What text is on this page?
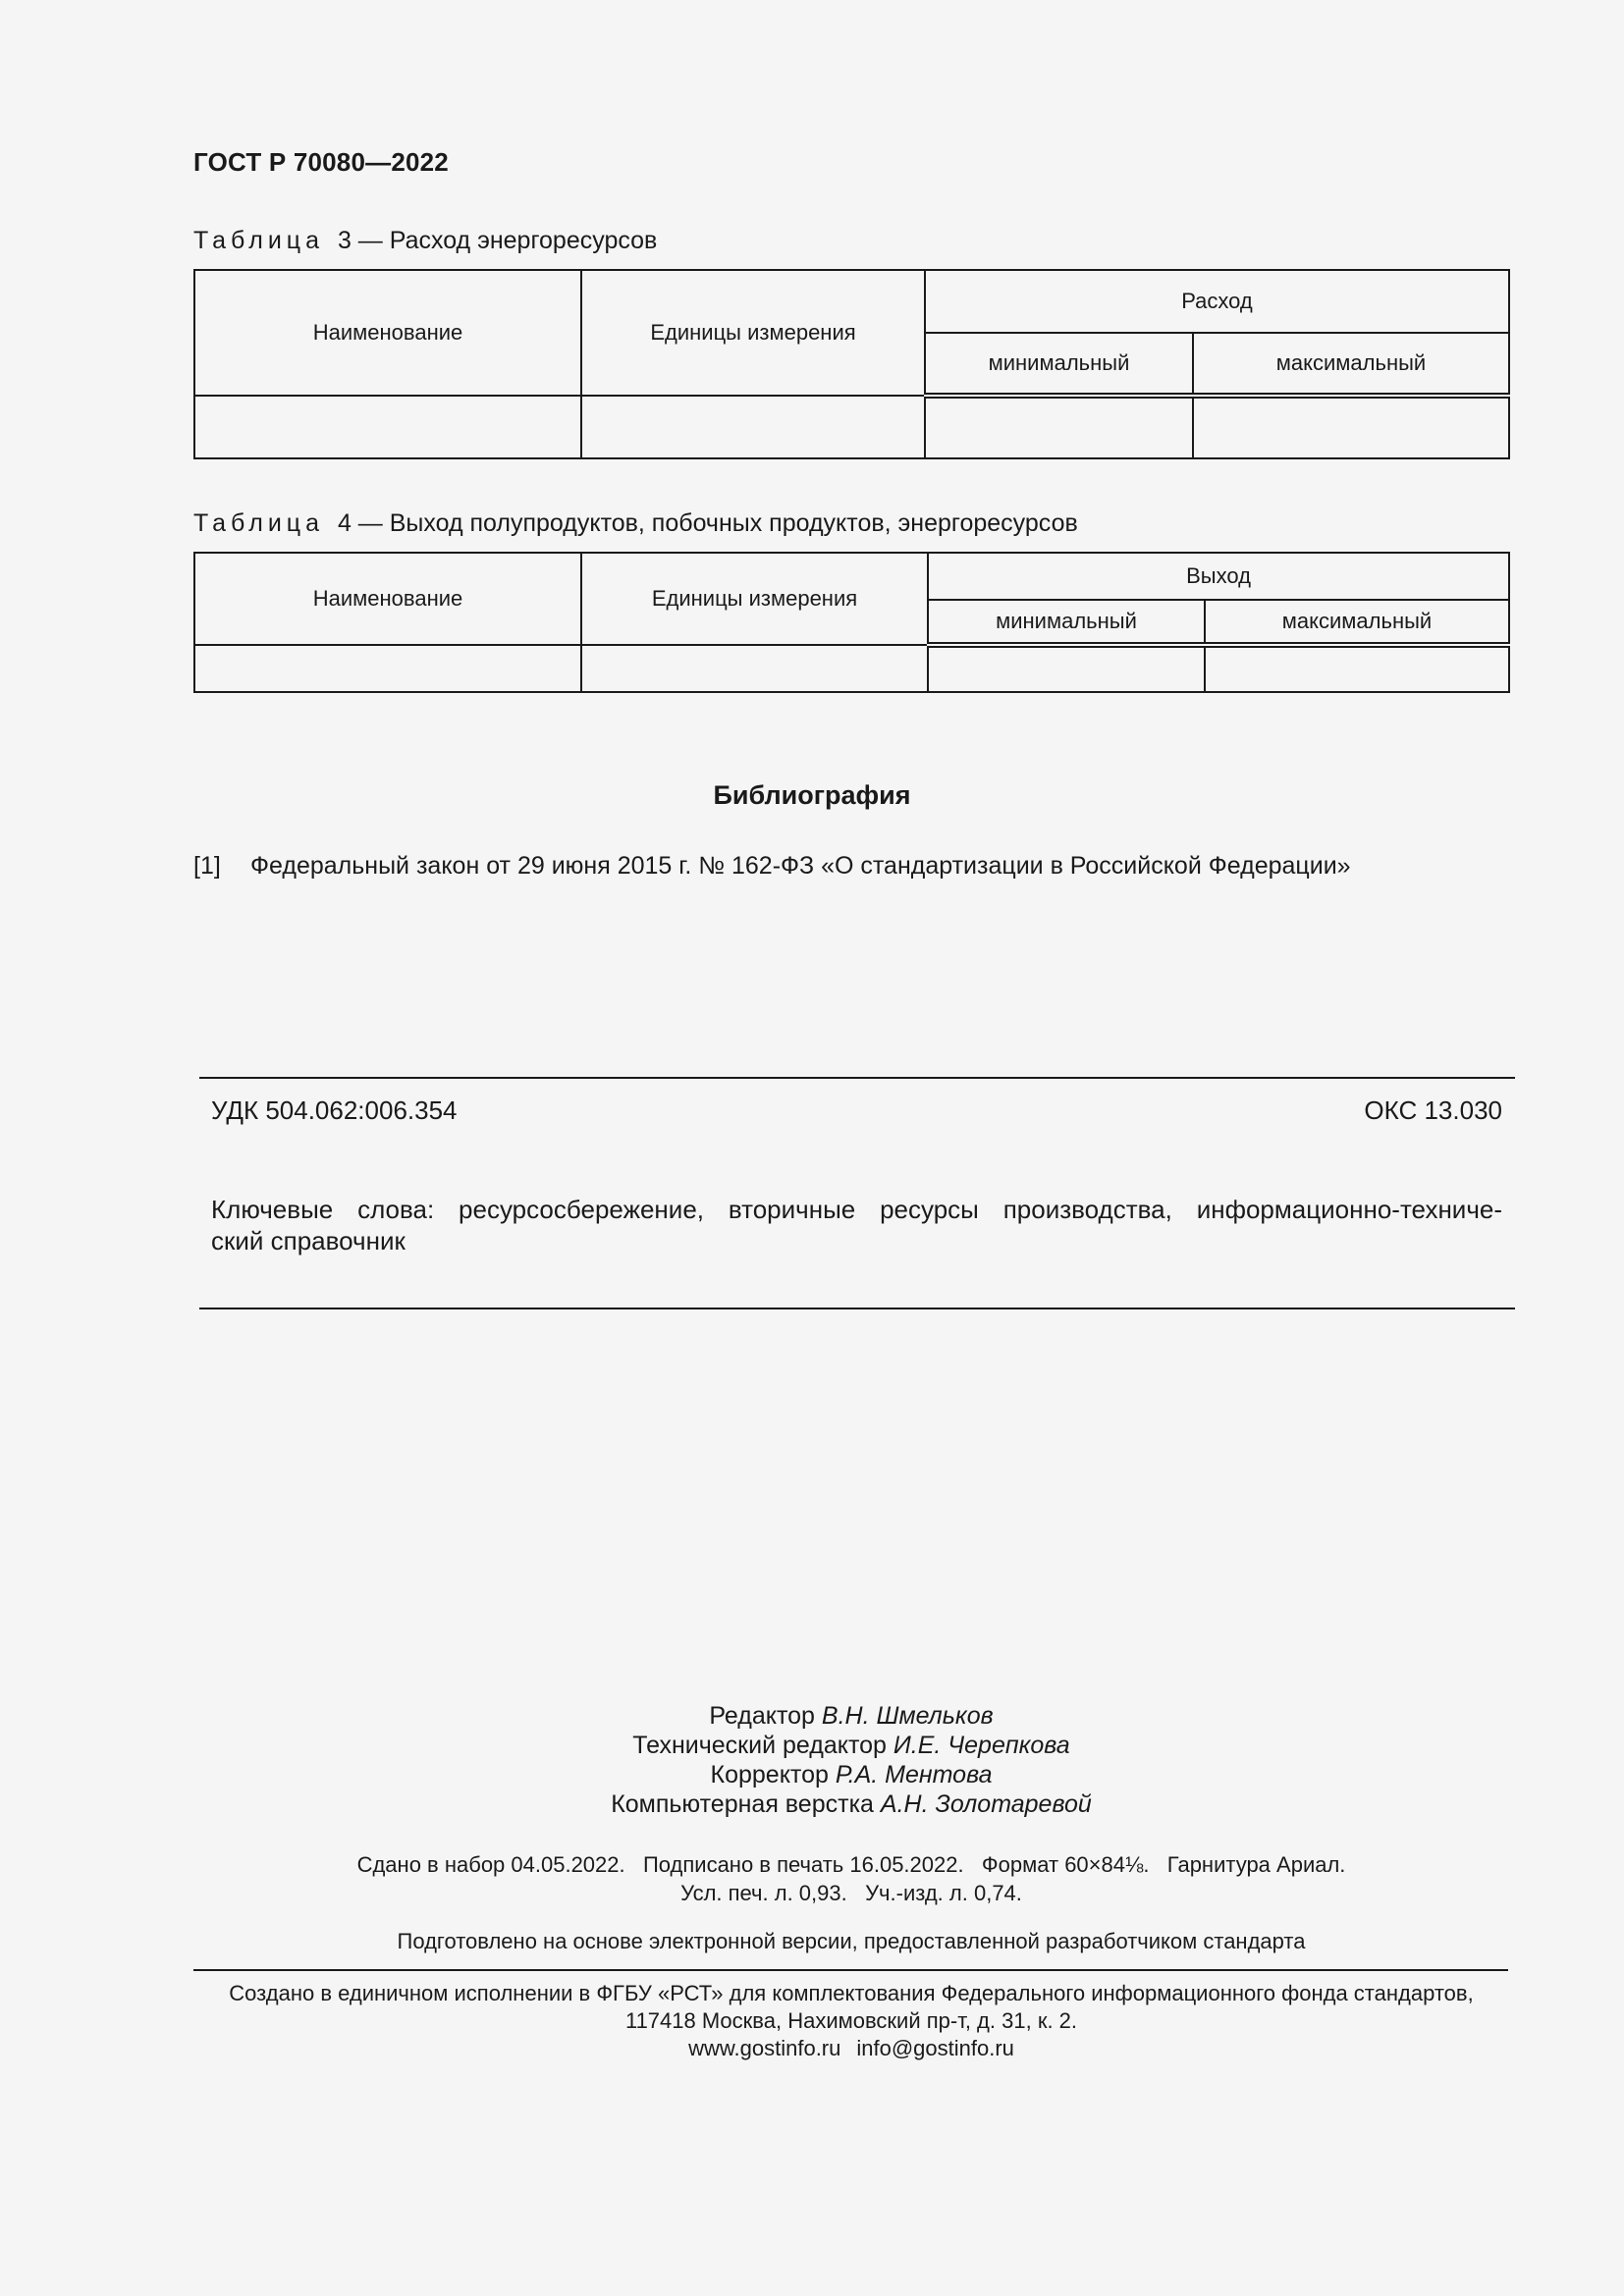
ГОСТ Р 70080—2022
Таблица 3 — Расход энергоресурсов
Наименование	Единицы измерения	Расход	
		минимальный	максимальный

Таблица 4 — Выход полупродуктов, побочных продуктов, энергоресурсов
Наименование	Единицы измерения	Выход	
		минимальный	максимальный

Библиография
[1] Федеральный закон от 29 июня 2015 г. № 162-ФЗ «О стандартизации в Российской Федерации»
УДК 504.062:006.354	ОКС 13.030
Ключевые слова: ресурсосбережение, вторичные ресурсы производства, информационно-техниче-
ский справочник
Редактор В.Н. Шмельков
Технический редактор И.Е. Черепкова
Корректор Р.А. Ментова
Компьютерная верстка А.Н. Золотаревой
Сдано в набор 04.05.2022.   Подписано в печать 16.05.2022.   Формат 60×84⅛.   Гарнитура Ариал.
Усл. печ. л. 0,93.   Уч.-изд. л. 0,74.
Подготовлено на основе электронной версии, предоставленной разработчиком стандарта
Создано в единичном исполнении в ФГБУ «РСТ» для комплектования Федерального информационного фонда стандартов,
117418 Москва, Нахимовский пр-т, д. 31, к. 2.
www.gostinfo.ru info@gostinfo.ru
